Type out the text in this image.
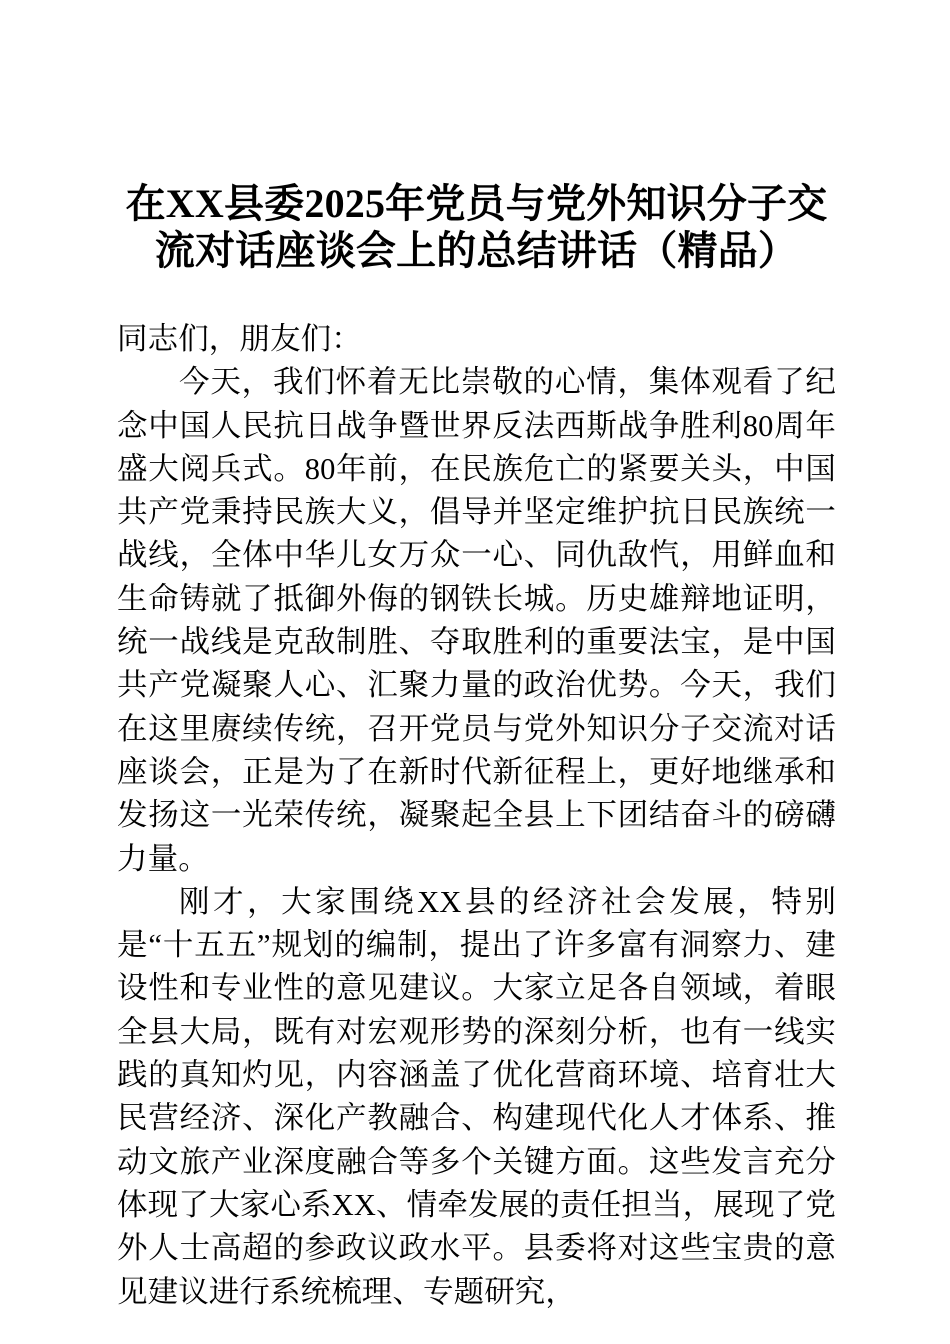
在XX县委2025年党员与党外知识分子交流对话座谈会上的总结讲话（精品）

同志们，朋友们：

今天，我们怀着无比崇敬的心情，集体观看了纪念中国人民抗日战争暨世界反法西斯战争胜利80周年盛大阅兵式。80年前，在民族危亡的紧要关头，中国共产党秉持民族大义，倡导并坚定维护抗日民族统一战线，全体中华儿女万众一心、同仇敌忾，用鲜血和生命铸就了抵御外侮的钢铁长城。历史雄辩地证明，统一战线是克敌制胜、夺取胜利的重要法宝，是中国共产党凝聚人心、汇聚力量的政治优势。今天，我们在这里赓续传统，召开党员与党外知识分子交流对话座谈会，正是为了在新时代新征程上，更好地继承和发扬这一光荣传统，凝聚起全县上下团结奋斗的磅礴力量。

刚才，大家围绕XX县的经济社会发展，特别是“十五五”规划的编制，提出了许多富有洞察力、建设性和专业性的意见建议。大家立足各自领域，着眼全县大局，既有对宏观形势的深刻分析，也有一线实践的真知灼见，内容涵盖了优化营商环境、培育壮大民营经济、深化产教融合、构建现代化人才体系、推动文旅产业深度融合等多个关键方面。这些发言充分体现了大家心系XX、情牵发展的责任担当，展现了党外人士高超的参政议政水平。县委将对这些宝贵的意见建议进行系统梳理、专题研究，
